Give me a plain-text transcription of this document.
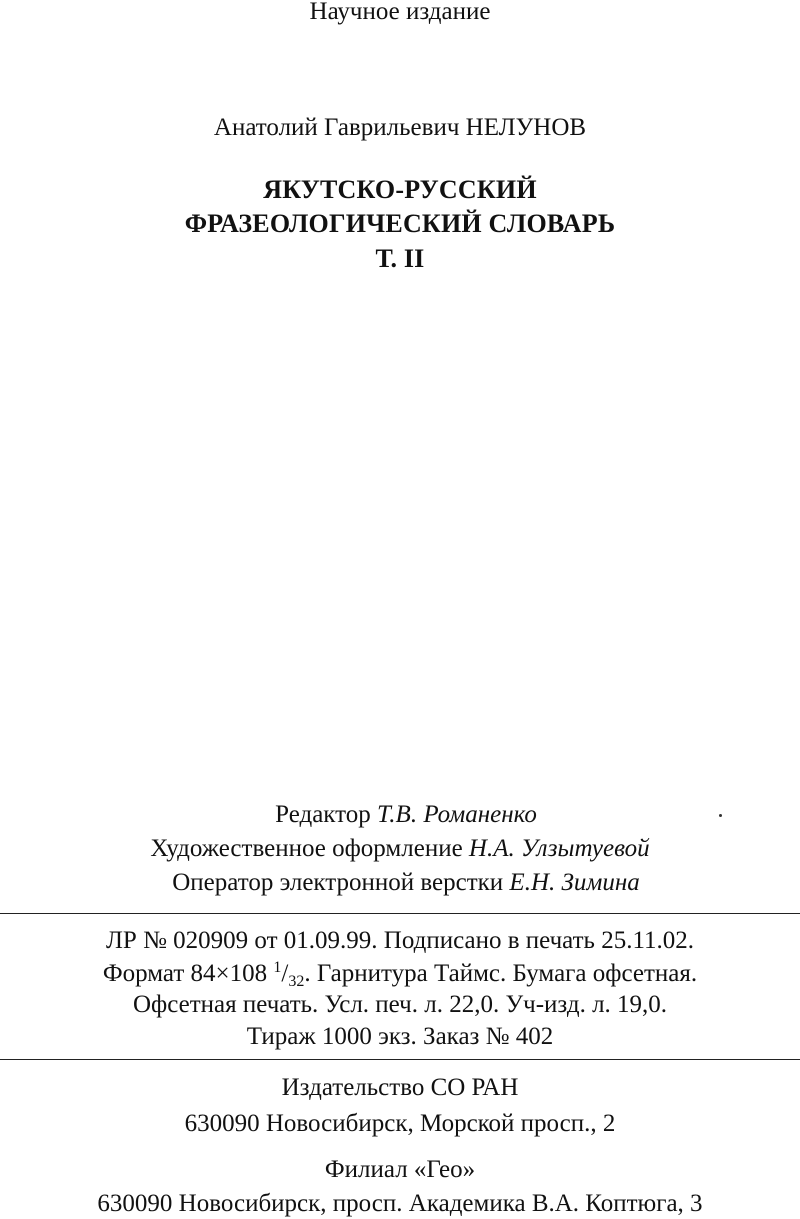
Научное издание
Анатолий Гаврильевич НЕЛУНОВ
ЯКУТСКО-РУССКИЙ
ФРАЗЕОЛОГИЧЕСКИЙ СЛОВАРЬ
Т. II
Редактор Т.В. Романенко
Художественное оформление Н.А. Улзытуевой
Оператор электронной верстки Е.Н. Зимина
ЛР № 020909 от 01.09.99. Подписано в печать 25.11.02.
Формат 84×108 $^1/_{32}$. Гарнитура Таймс. Бумага офсетная.
Офсетная печать. Усл. печ. л. 22,0. Уч-изд. л. 19,0.
Тираж 1000 экз. Заказ № 402
Издательство СО РАН
630090 Новосибирск, Морской просп., 2
Филиал «Гео»
630090 Новосибирск, просп. Академика В.А. Коптюга, 3
